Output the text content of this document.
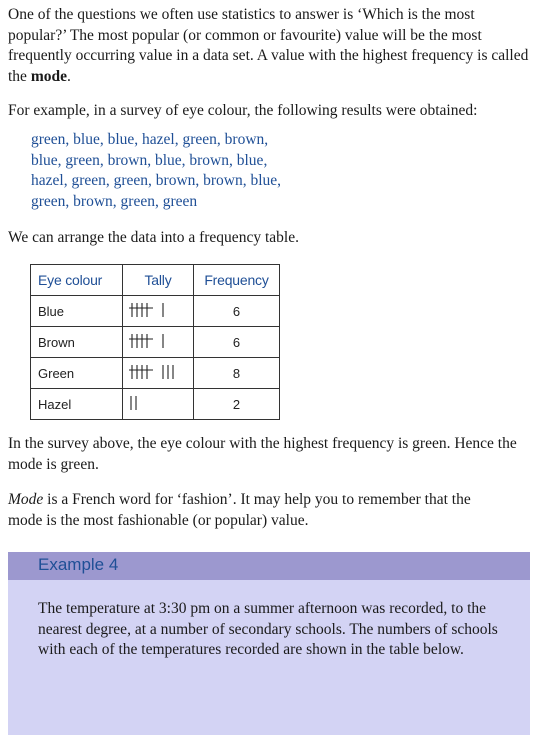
One of the questions we often use statistics to answer is ‘Which is the most popular?’ The most popular (or common or favourite) value will be the most frequently occurring value in a data set. A value with the highest frequency is called the mode.

For example, in a survey of eye colour, the following results were obtained:

green, blue, blue, hazel, green, brown,

blue, green, brown, blue, brown, blue,

hazel, green, green, brown, brown, blue,

green, brown, green, green

We can arrange the data into a frequency table.

Eye colour	Tally	Frequency
Blue		6
Brown		6
Green		8
Hazel		2

In the survey above, the eye colour with the highest frequency is green. Hence the mode is green.

Mode is a French word for ‘fashion’. It may help you to remember that the mode is the most fashionable (or popular) value.

Example 4

The temperature at 3:30 pm on a summer afternoon was recorded, to the nearest degree, at a number of secondary schools. The numbers of schools with each of the temperatures recorded are shown in the table below.
